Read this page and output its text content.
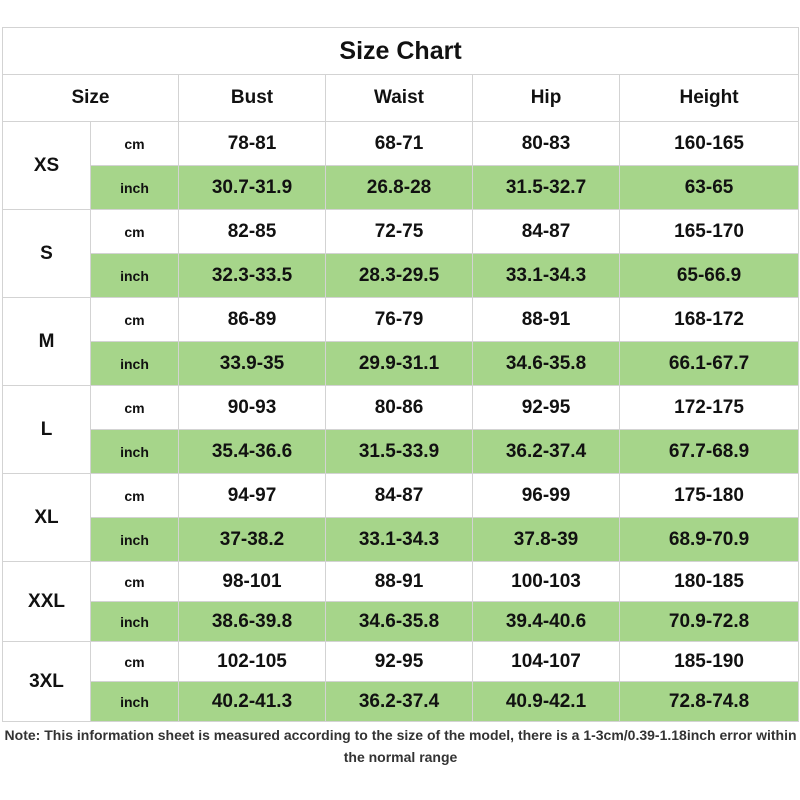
Size Chart					
Size		Bust	Waist	Hip	Height
XS	cm	78-81	68-71	80-83	160-165
	inch	30.7-31.9	26.8-28	31.5-32.7	63-65
S	cm	82-85	72-75	84-87	165-170
	inch	32.3-33.5	28.3-29.5	33.1-34.3	65-66.9
M	cm	86-89	76-79	88-91	168-172
	inch	33.9-35	29.9-31.1	34.6-35.8	66.1-67.7
L	cm	90-93	80-86	92-95	172-175
	inch	35.4-36.6	31.5-33.9	36.2-37.4	67.7-68.9
XL	cm	94-97	84-87	96-99	175-180
	inch	37-38.2	33.1-34.3	37.8-39	68.9-70.9
XXL	cm	98-101	88-91	100-103	180-185
	inch	38.6-39.8	34.6-35.8	39.4-40.6	70.9-72.8
3XL	cm	102-105	92-95	104-107	185-190
	inch	40.2-41.3	36.2-37.4	40.9-42.1	72.8-74.8
Note: This information sheet is measured according to the size of the model, there is a 1-3cm/0.39-1.18inch error within the normal range					
